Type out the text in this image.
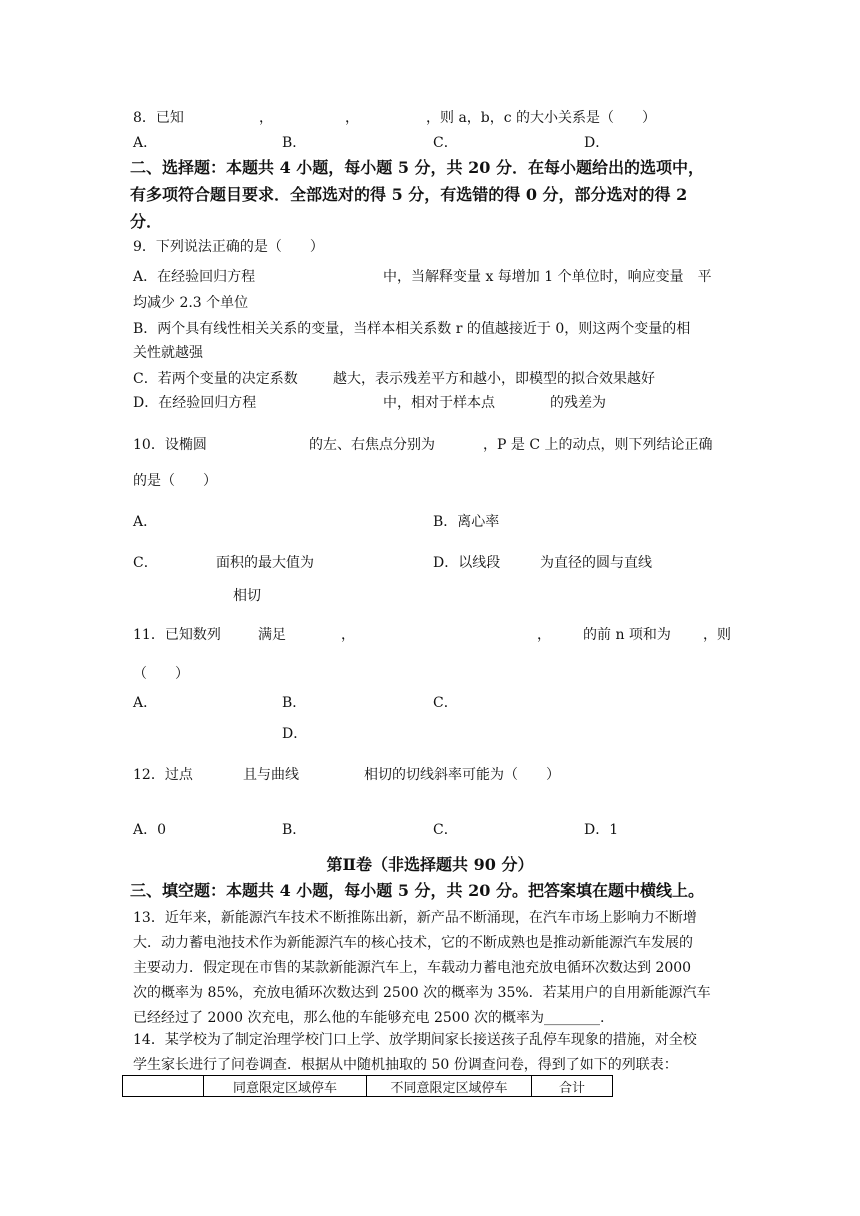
8．已知	，	，	，则 a，b，c 的大小关系是（　　）
A．	B．	C．	D．
二、选择题：本题共 4 小题，每小题 5 分，共 20 分．在每小题给出的选项中，
有多项符合题目要求．全部选对的得 5 分，有选错的得 0 分，部分选对的得 2
分．
9．下列说法正确的是（　　）
A．在经验回归方程	中，当解释变量 x 每增加 1 个单位时，响应变量　平
均减少 2.3 个单位
B．两个具有线性相关关系的变量，当样本相关系数 r 的值越接近于 0，则这两个变量的相
关性就越强
C．若两个变量的决定系数	越大，表示残差平方和越小，即模型的拟合效果越好
D．在经验回归方程	中，相对于样本点	的残差为
10．设椭圆	的左、右焦点分别为	，P 是 C 上的动点，则下列结论正确
的是（　　）
A．	B．离心率
C．	面积的最大值为	D．以线段	为直径的圆与直线
相切
11．已知数列	满足	，	， 的前 n 项和为 ，则
（　　）
A．	B．	C．
D．
12．过点	且与曲线	相切的切线斜率可能为（　　）
A．0	B．	C．	D．1
第Ⅱ卷（非选择题共 90 分）
三、填空题：本题共 4 小题，每小题 5 分，共 20 分。把答案填在题中横线上。
13．近年来，新能源汽车技术不断推陈出新，新产品不断涌现，在汽车市场上影响力不断增
大．动力蓄电池技术作为新能源汽车的核心技术，它的不断成熟也是推动新能源汽车发展的
主要动力．假定现在市售的某款新能源汽车上，车载动力蓄电池充放电循环次数达到 2000
次的概率为 85%，充放电循环次数达到 2500 次的概率为 35%．若某用户的自用新能源汽车
已经经过了 2000 次充电，那么他的车能够充电 2500 次的概率为________.
14．某学校为了制定治理学校门口上学、放学期间家长接送孩子乱停车现象的措施，对全校
学生家长进行了问卷调查．根据从中随机抽取的 50 份调查问卷，得到了如下的列联表：
	同意限定区域停车	不同意限定区域停车	合计
